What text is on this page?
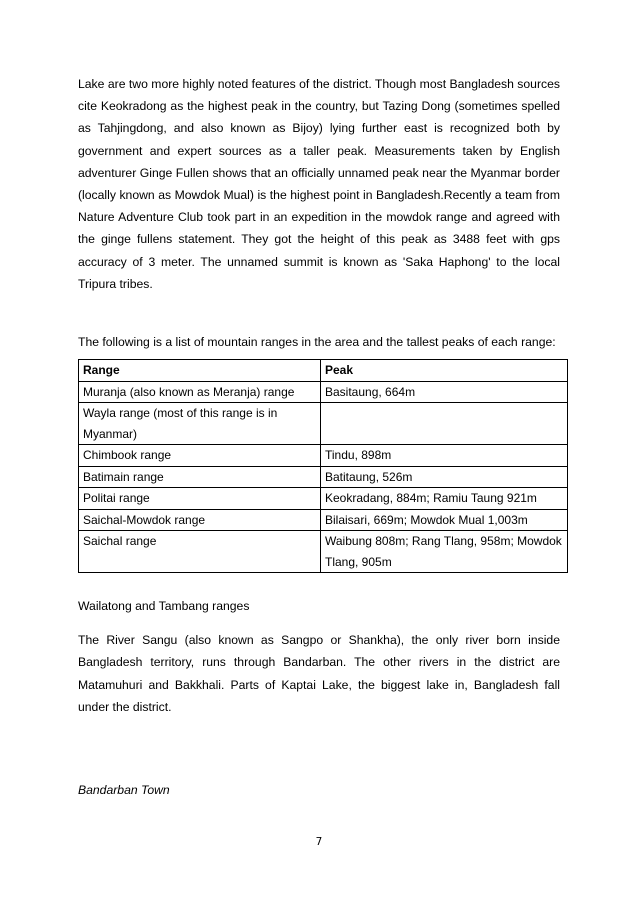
Lake are two more highly noted features of the district. Though most Bangladesh sources cite Keokradong as the highest peak in the country, but Tazing Dong (sometimes spelled as Tahjingdong, and also known as Bijoy) lying further east is recognized both by government and expert sources as a taller peak. Measurements taken by English adventurer Ginge Fullen shows that an officially unnamed peak near the Myanmar border (locally known as Mowdok Mual) is the highest point in Bangladesh.Recently a team from Nature Adventure Club took part in an expedition in the mowdok range and agreed with the ginge fullens statement. They got the height of this peak as 3488 feet with gps accuracy of 3 meter. The unnamed summit is known as 'Saka Haphong' to the local Tripura tribes.

The following is a list of mountain ranges in the area and the tallest peaks of each range:

Range	Peak
Muranja (also known as Meranja) range	Basitaung, 664m
Wayla range (most of this range is in Myanmar)	
Chimbook range	Tindu, 898m
Batimain range	Batitaung, 526m
Politai range	Keokradang, 884m; Ramiu Taung 921m
Saichal-Mowdok range	Bilaisari, 669m; Mowdok Mual 1,003m
Saichal range	Waibung 808m; Rang Tlang, 958m; Mowdok Tlang, 905m

Wailatong and Tambang ranges

The River Sangu (also known as Sangpo or Shankha), the only river born inside Bangladesh territory, runs through Bandarban. The other rivers in the district are Matamuhuri and Bakkhali. Parts of Kaptai Lake, the biggest lake in, Bangladesh fall under the district.

Bandarban Town

7
